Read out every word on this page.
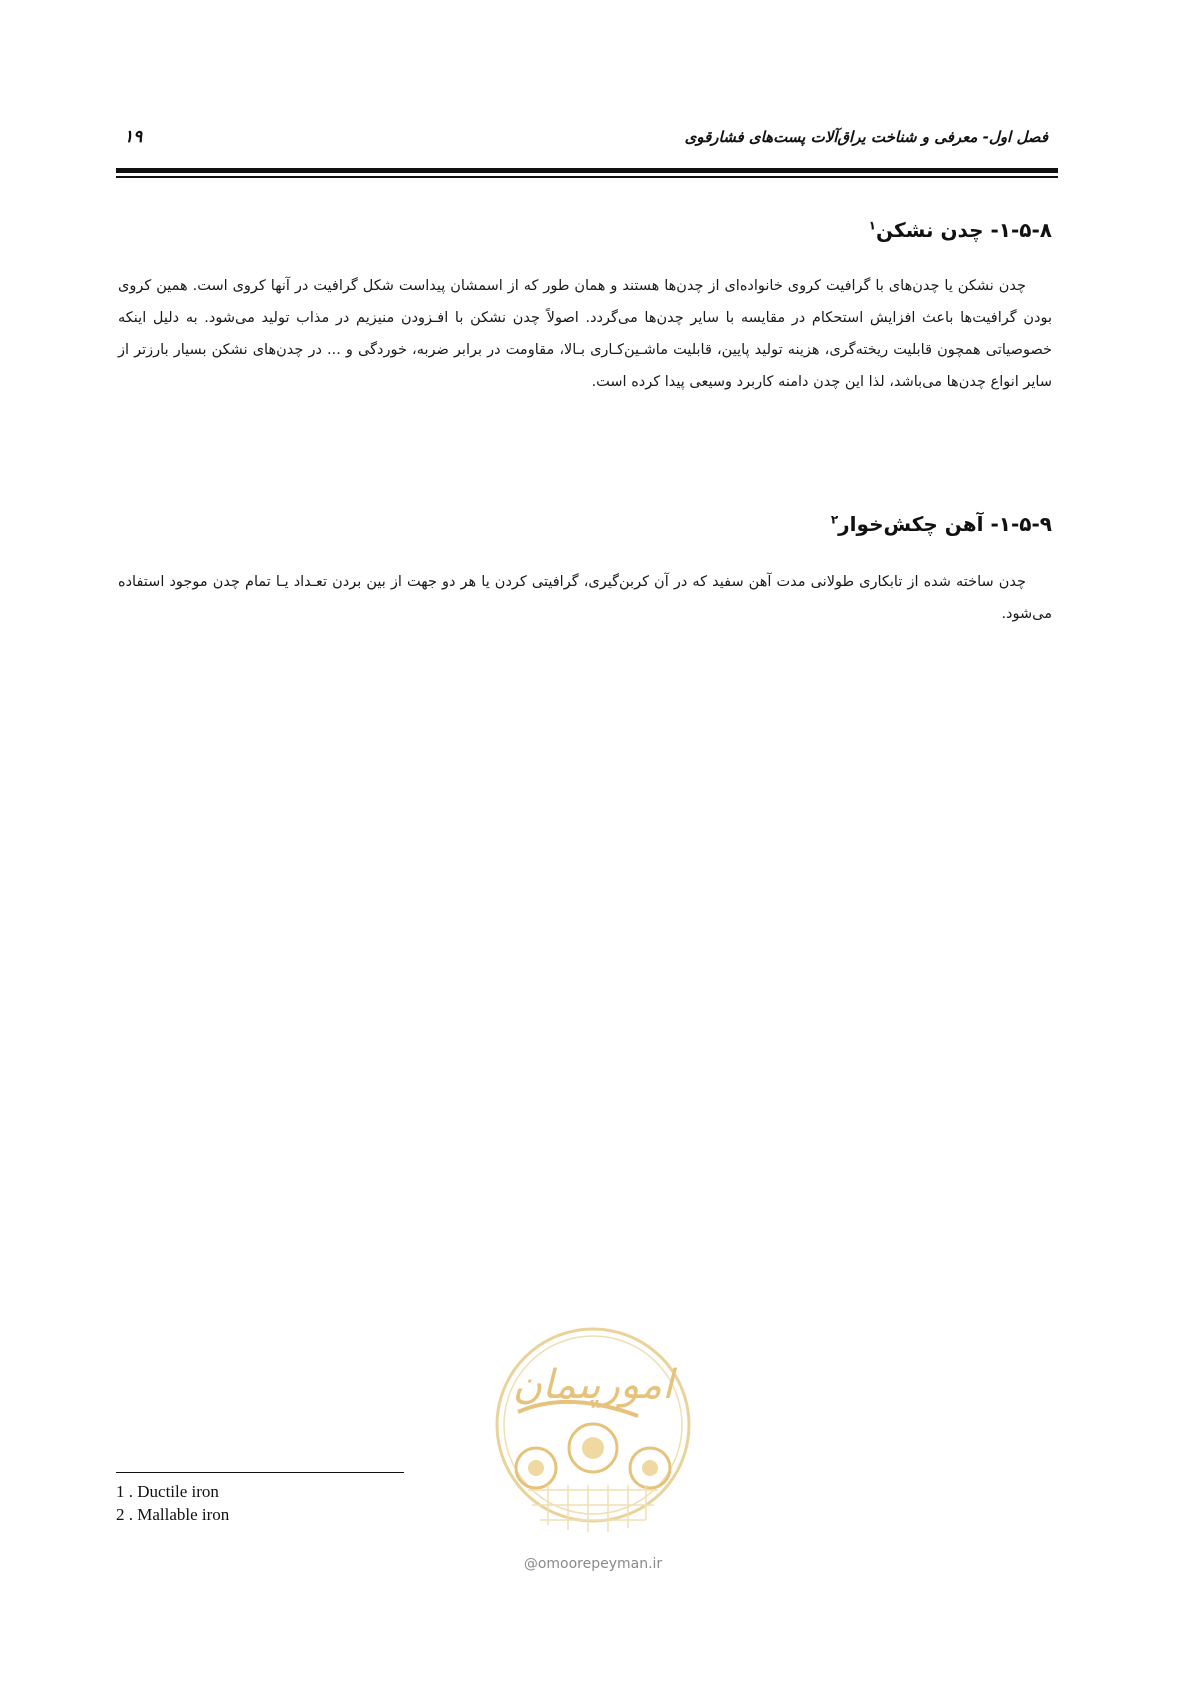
فصل اول- معرفی و شناخت یراق‌آلات پست‌های فشارقوی
۱۹
۱-۵-۸- چدن نشکن$^۱$
چدن نشکن یا چدن‌های با گرافیت کروی خانواده‌ای از چدن‌ها هستند و همان طور که از اسمشان پیداست شکل گرافیت در آنها کروی است. همین کروی بودن گرافیت‌ها باعث افزایش استحکام در مقایسه با سایر چدن‌ها می‌گردد. اصولاً چدن نشکن با افـزودن منیزیم در مذاب تولید می‌شود. به دلیل اینکه خصوصیاتی همچون قابلیت ریخته‌گری، هزینه تولید پایین، قابلیت ماشـین‌کـاری بـالا، مقاومت در برابر ضربه، خوردگی و ... در چدن‌های نشکن بسیار بارزتر از سایر انواع چدن‌ها می‌باشد، لذا این چدن دامنه کاربرد وسیعی پیدا کرده است.
۱-۵-۹- آهن چکش‌خوار$^۲$
چدن ساخته شده از تابکاری طولانی مدت آهن سفید که در آن کربن‌گیری، گرافیتی کردن یا هر دو جهت از بین بردن تعـداد یـا تمام چدن موجود استفاده می‌شود.
1 . Ductile iron
2 . Mallable iron
امورپیمان
@omoorepeyman.ir
